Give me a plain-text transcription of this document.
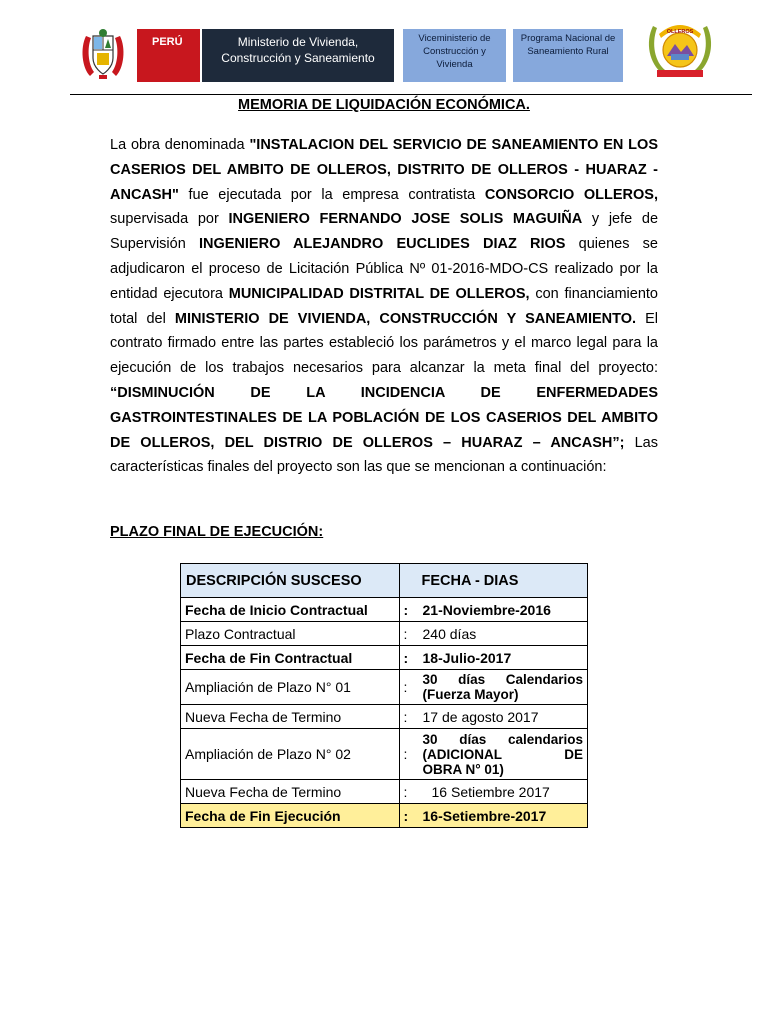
PERÚ	Ministerio de Vivienda, Construcción y Saneamiento
Viceministerio de Construcción y Vivienda
Programa Nacional de Saneamiento Rural
OLLEROS
MEMORIA DE LIQUIDACIÓN ECONÓMICA.
La obra denominada "INSTALACION DEL SERVICIO DE SANEAMIENTO EN LOS CASERIOS DEL AMBITO DE OLLEROS, DISTRITO DE OLLEROS - HUARAZ -ANCASH" fue ejecutada por la empresa contratista CONSORCIO OLLEROS, supervisada por INGENIERO FERNANDO JOSE SOLIS MAGUIÑA y jefe de Supervisión INGENIERO ALEJANDRO EUCLIDES DIAZ RIOS quienes se adjudicaron el proceso de Licitación Pública Nº 01-2016-MDO-CS realizado por la entidad ejecutora MUNICIPALIDAD DISTRITAL DE OLLEROS, con financiamiento total del MINISTERIO DE VIVIENDA, CONSTRUCCIÓN Y SANEAMIENTO. El contrato firmado entre las partes estableció los parámetros y el marco legal para la ejecución de los trabajos necesarios para alcanzar la meta final del proyecto: “DISMINUCIÓN DE LA INCIDENCIA DE ENFERMEDADES GASTROINTESTINALES DE LA POBLACIÓN DE LOS CASERIOS DEL AMBITO DE OLLEROS, DEL DISTRIO DE OLLEROS – HUARAZ – ANCASH”; Las características finales del proyecto son las que se mencionan a continuación:
PLAZO FINAL DE EJECUCIÓN:
DESCRIPCIÓN SUSCESO	FECHA - DIAS
Fecha de Inicio Contractual	: 21-Noviembre-2016

Plazo Contractual	: 240 días

Fecha de Fin Contractual	: 18-Julio-2017

Ampliación de Plazo N° 01	: 30 días Calendarios
(Fuerza Mayor)

Nueva Fecha de Termino	: 17 de agosto 2017

Ampliación de Plazo N° 02	:
30 días calendarios
(ADICIONAL DE
OBRA N° 01)

Nueva Fecha de Termino	: 16 Setiembre 2017

Fecha de Fin Ejecución	: 16-Setiembre-2017
